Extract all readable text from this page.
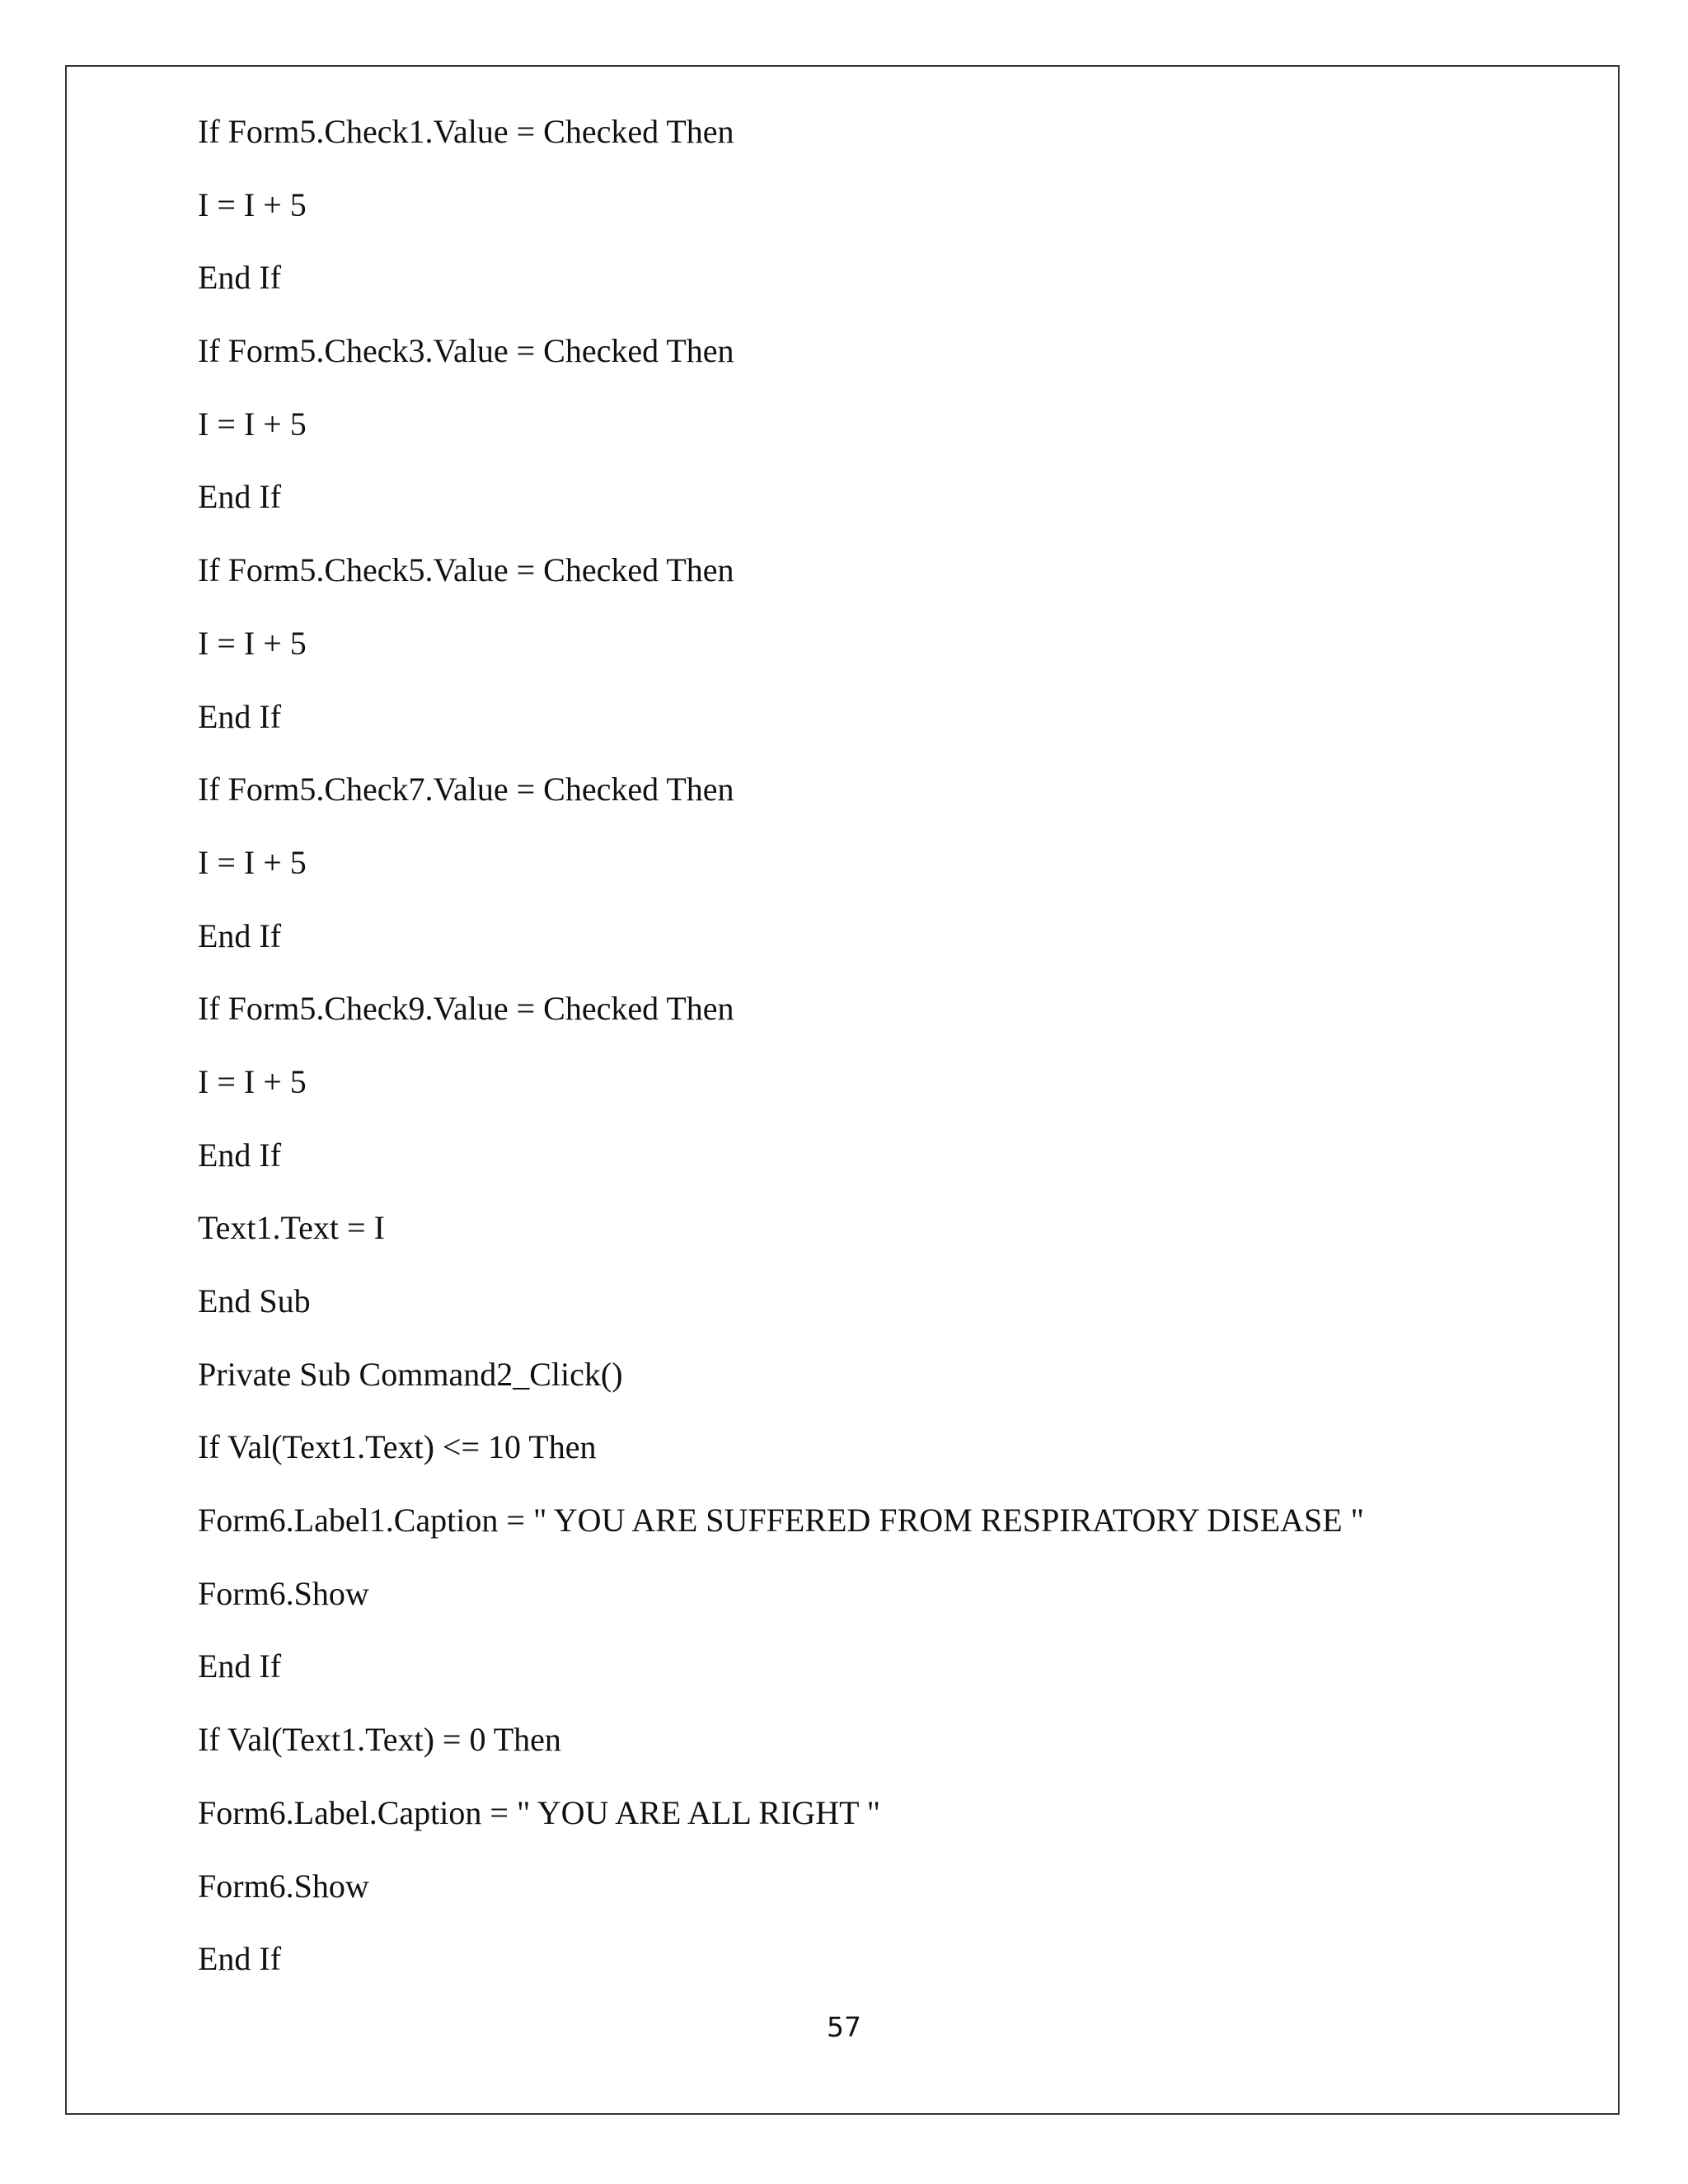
If Form5.Check1.Value = Checked Then
I = I + 5
End If
If Form5.Check3.Value = Checked Then
I = I + 5
End If
If Form5.Check5.Value = Checked Then
I = I + 5
End If
If Form5.Check7.Value = Checked Then
I = I + 5
End If
If Form5.Check9.Value = Checked Then
I = I + 5
End If
Text1.Text = I
End Sub
Private Sub Command2_Click()
If Val(Text1.Text) <= 10 Then
Form6.Label1.Caption = " YOU ARE SUFFERED FROM RESPIRATORY DISEASE "
Form6.Show
End If
If Val(Text1.Text) = 0 Then
Form6.Label.Caption = " YOU ARE ALL RIGHT "
Form6.Show
End If
57
